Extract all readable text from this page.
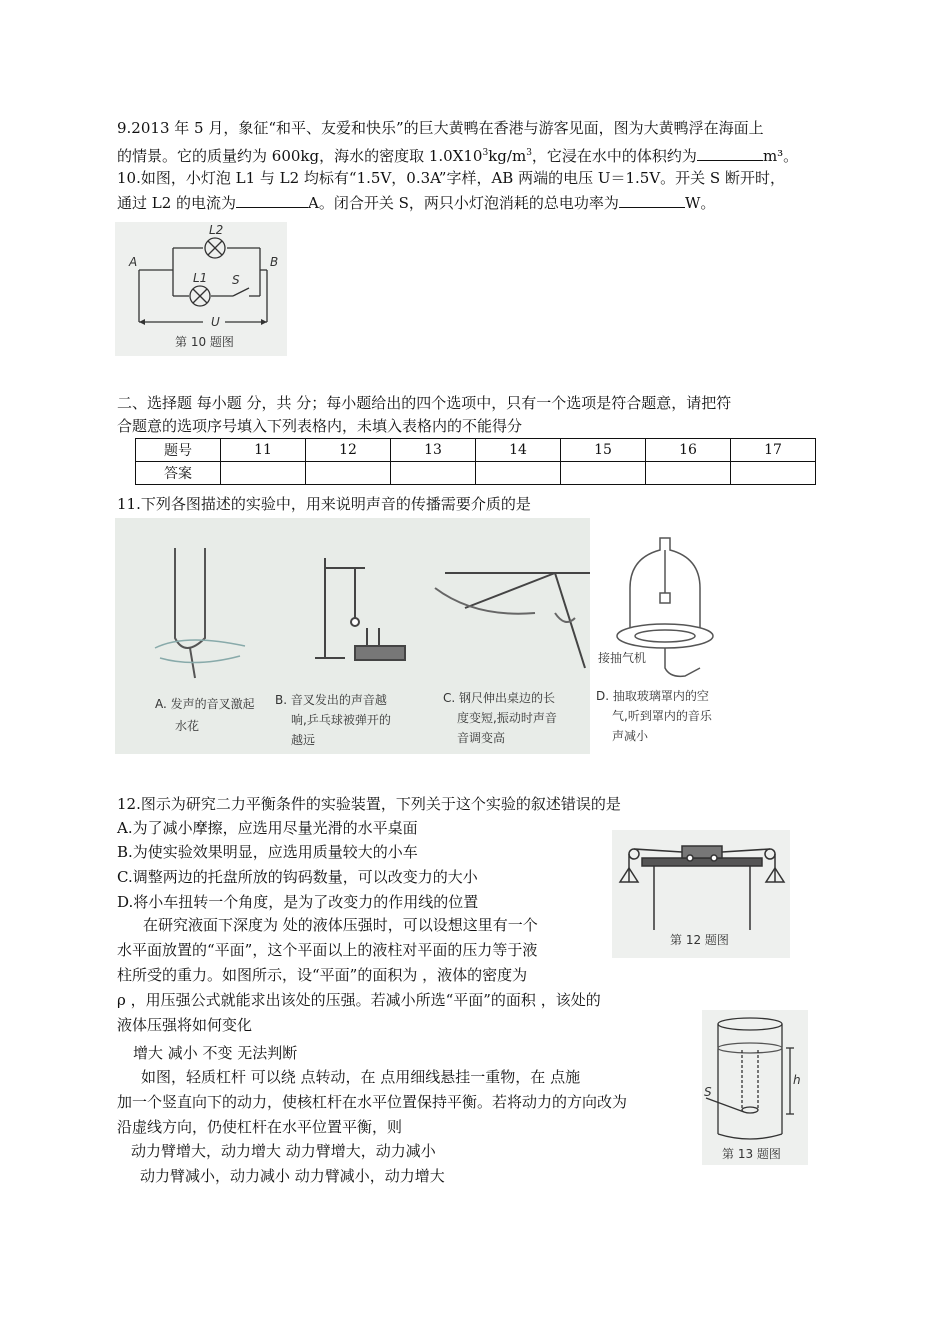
9.2013 年 5 月，象征“和平、友爱和快乐”的巨大黄鸭在香港与游客见面，图为大黄鸭浮在海面上
的情景。它的质量约为 600kg，海水的密度取 $1.0X10^3kg/m^3$，它浸在水中的体积约为	m³。
10.如图，小灯泡 L1 与 L2 均标有“1.5V，0.3A”字样，AB 两端的电压 U＝1.5V。开关 S 断开时，
通过 L2 的电流为	A。闭合开关 S，两只小灯泡消耗的总电功率为	W。
A	B
L2
L1 S
U
第 10 题图
二、选择题 每小题 分，共 分；每小题给出的四个选项中，只有一个选项是符合题意，请把符
合题意的选项序号填入下列表格内，未填入表格内的不能得分
题号	11	12	13	14	15	16	17
答案							
11.下列各图描述的实验中，用来说明声音的传播需要介质的是
A. 发声的音叉激起
水花
B. 音叉发出的声音越
响,乒乓球被弹开的
越远
C. 钢尺伸出桌边的长
度变短,振动时声音
音调变高
接抽气机
D. 抽取玻璃罩内的空
气,听到罩内的音乐
声减小
12.图示为研究二力平衡条件的实验装置，下列关于这个实验的叙述错误的是
A.为了减小摩擦，应选用尽量光滑的水平桌面
B.为使实验效果明显，应选用质量较大的小车
C.调整两边的托盘所放的钩码数量，可以改变力的大小
D.将小车扭转一个角度，是为了改变力的作用线的位置
第 12 题图
在研究液面下深度为 处的液体压强时，可以设想这里有一个
水平面放置的“平面”，这个平面以上的液柱对平面的压力等于液
柱所受的重力。如图所示，设“平面”的面积为 ，液体的密度为
ρ ，用压强公式就能求出该处的压强。若减小所选“平面”的面积 ，该处的
液体压强将如何变化
增大 减小 不变 无法判断
h
S
第 13 题图
如图，轻质杠杆 可以绕 点转动，在 点用细线悬挂一重物，在 点施
加一个竖直向下的动力，使核杠杆在水平位置保持平衡。若将动力的方向改为
沿虚线方向，仍使杠杆在水平位置平衡，则
动力臂增大，动力增大 动力臂增大，动力减小
动力臂减小，动力减小 动力臂减小，动力增大
